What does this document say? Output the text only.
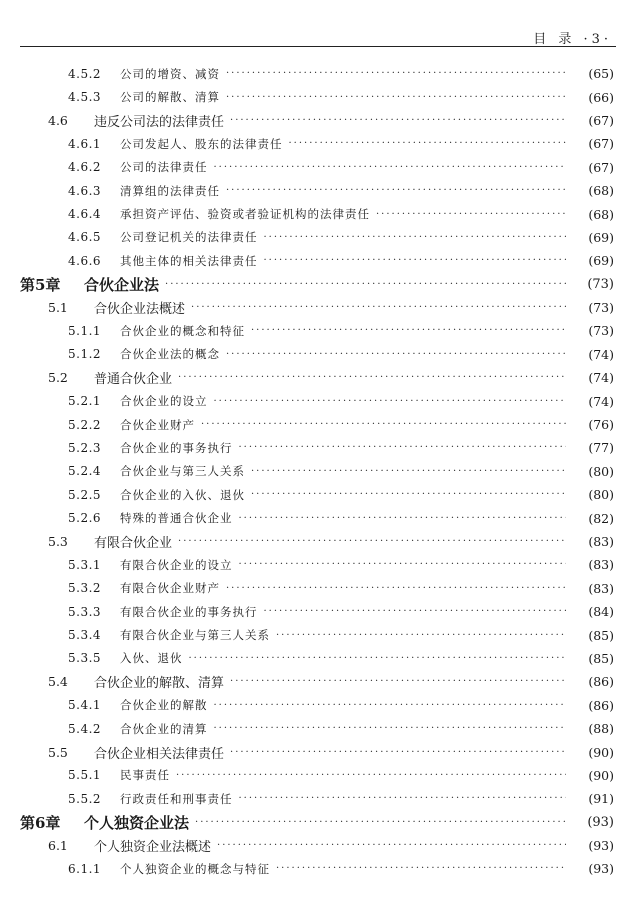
目 录 ·3·
4.5.2	公司的增资、减资 ·····	(65)
4.5.3	公司的解散、清算 ·····	(66)
4.6	违反公司法的法律责任 ·····	(67)
4.6.1	公司发起人、股东的法律责任 ·····	(67)
4.6.2	公司的法律责任 ·····	(67)
4.6.3	清算组的法律责任 ·····	(68)
4.6.4	承担资产评估、验资或者验证机构的法律责任 ·····	(68)
4.6.5	公司登记机关的法律责任 ·····	(69)
4.6.6	其他主体的相关法律责任 ·····	(69)
第5章	合伙企业法 ·····	(73)
5.1	合伙企业法概述 ·····	(73)
5.1.1	合伙企业的概念和特征 ·····	(73)
5.1.2	合伙企业法的概念 ·····	(74)
5.2	普通合伙企业 ·····	(74)
5.2.1	合伙企业的设立 ·····	(74)
5.2.2	合伙企业财产 ·····	(76)
5.2.3	合伙企业的事务执行 ·····	(77)
5.2.4	合伙企业与第三人关系 ·····	(80)
5.2.5	合伙企业的入伙、退伙 ·····	(80)
5.2.6	特殊的普通合伙企业 ·····	(82)
5.3	有限合伙企业 ·····	(83)
5.3.1	有限合伙企业的设立 ·····	(83)
5.3.2	有限合伙企业财产 ·····	(83)
5.3.3	有限合伙企业的事务执行 ·····	(84)
5.3.4	有限合伙企业与第三人关系 ·····	(85)
5.3.5	入伙、退伙 ·····	(85)
5.4	合伙企业的解散、清算 ·····	(86)
5.4.1	合伙企业的解散 ·····	(86)
5.4.2	合伙企业的清算 ·····	(88)
5.5	合伙企业相关法律责任 ·····	(90)
5.5.1	民事责任 ·····	(90)
5.5.2	行政责任和刑事责任 ·····	(91)
第6章	个人独资企业法 ·····	(93)
6.1	个人独资企业法概述 ·····	(93)
6.1.1	个人独资企业的概念与特征 ·····	(93)
